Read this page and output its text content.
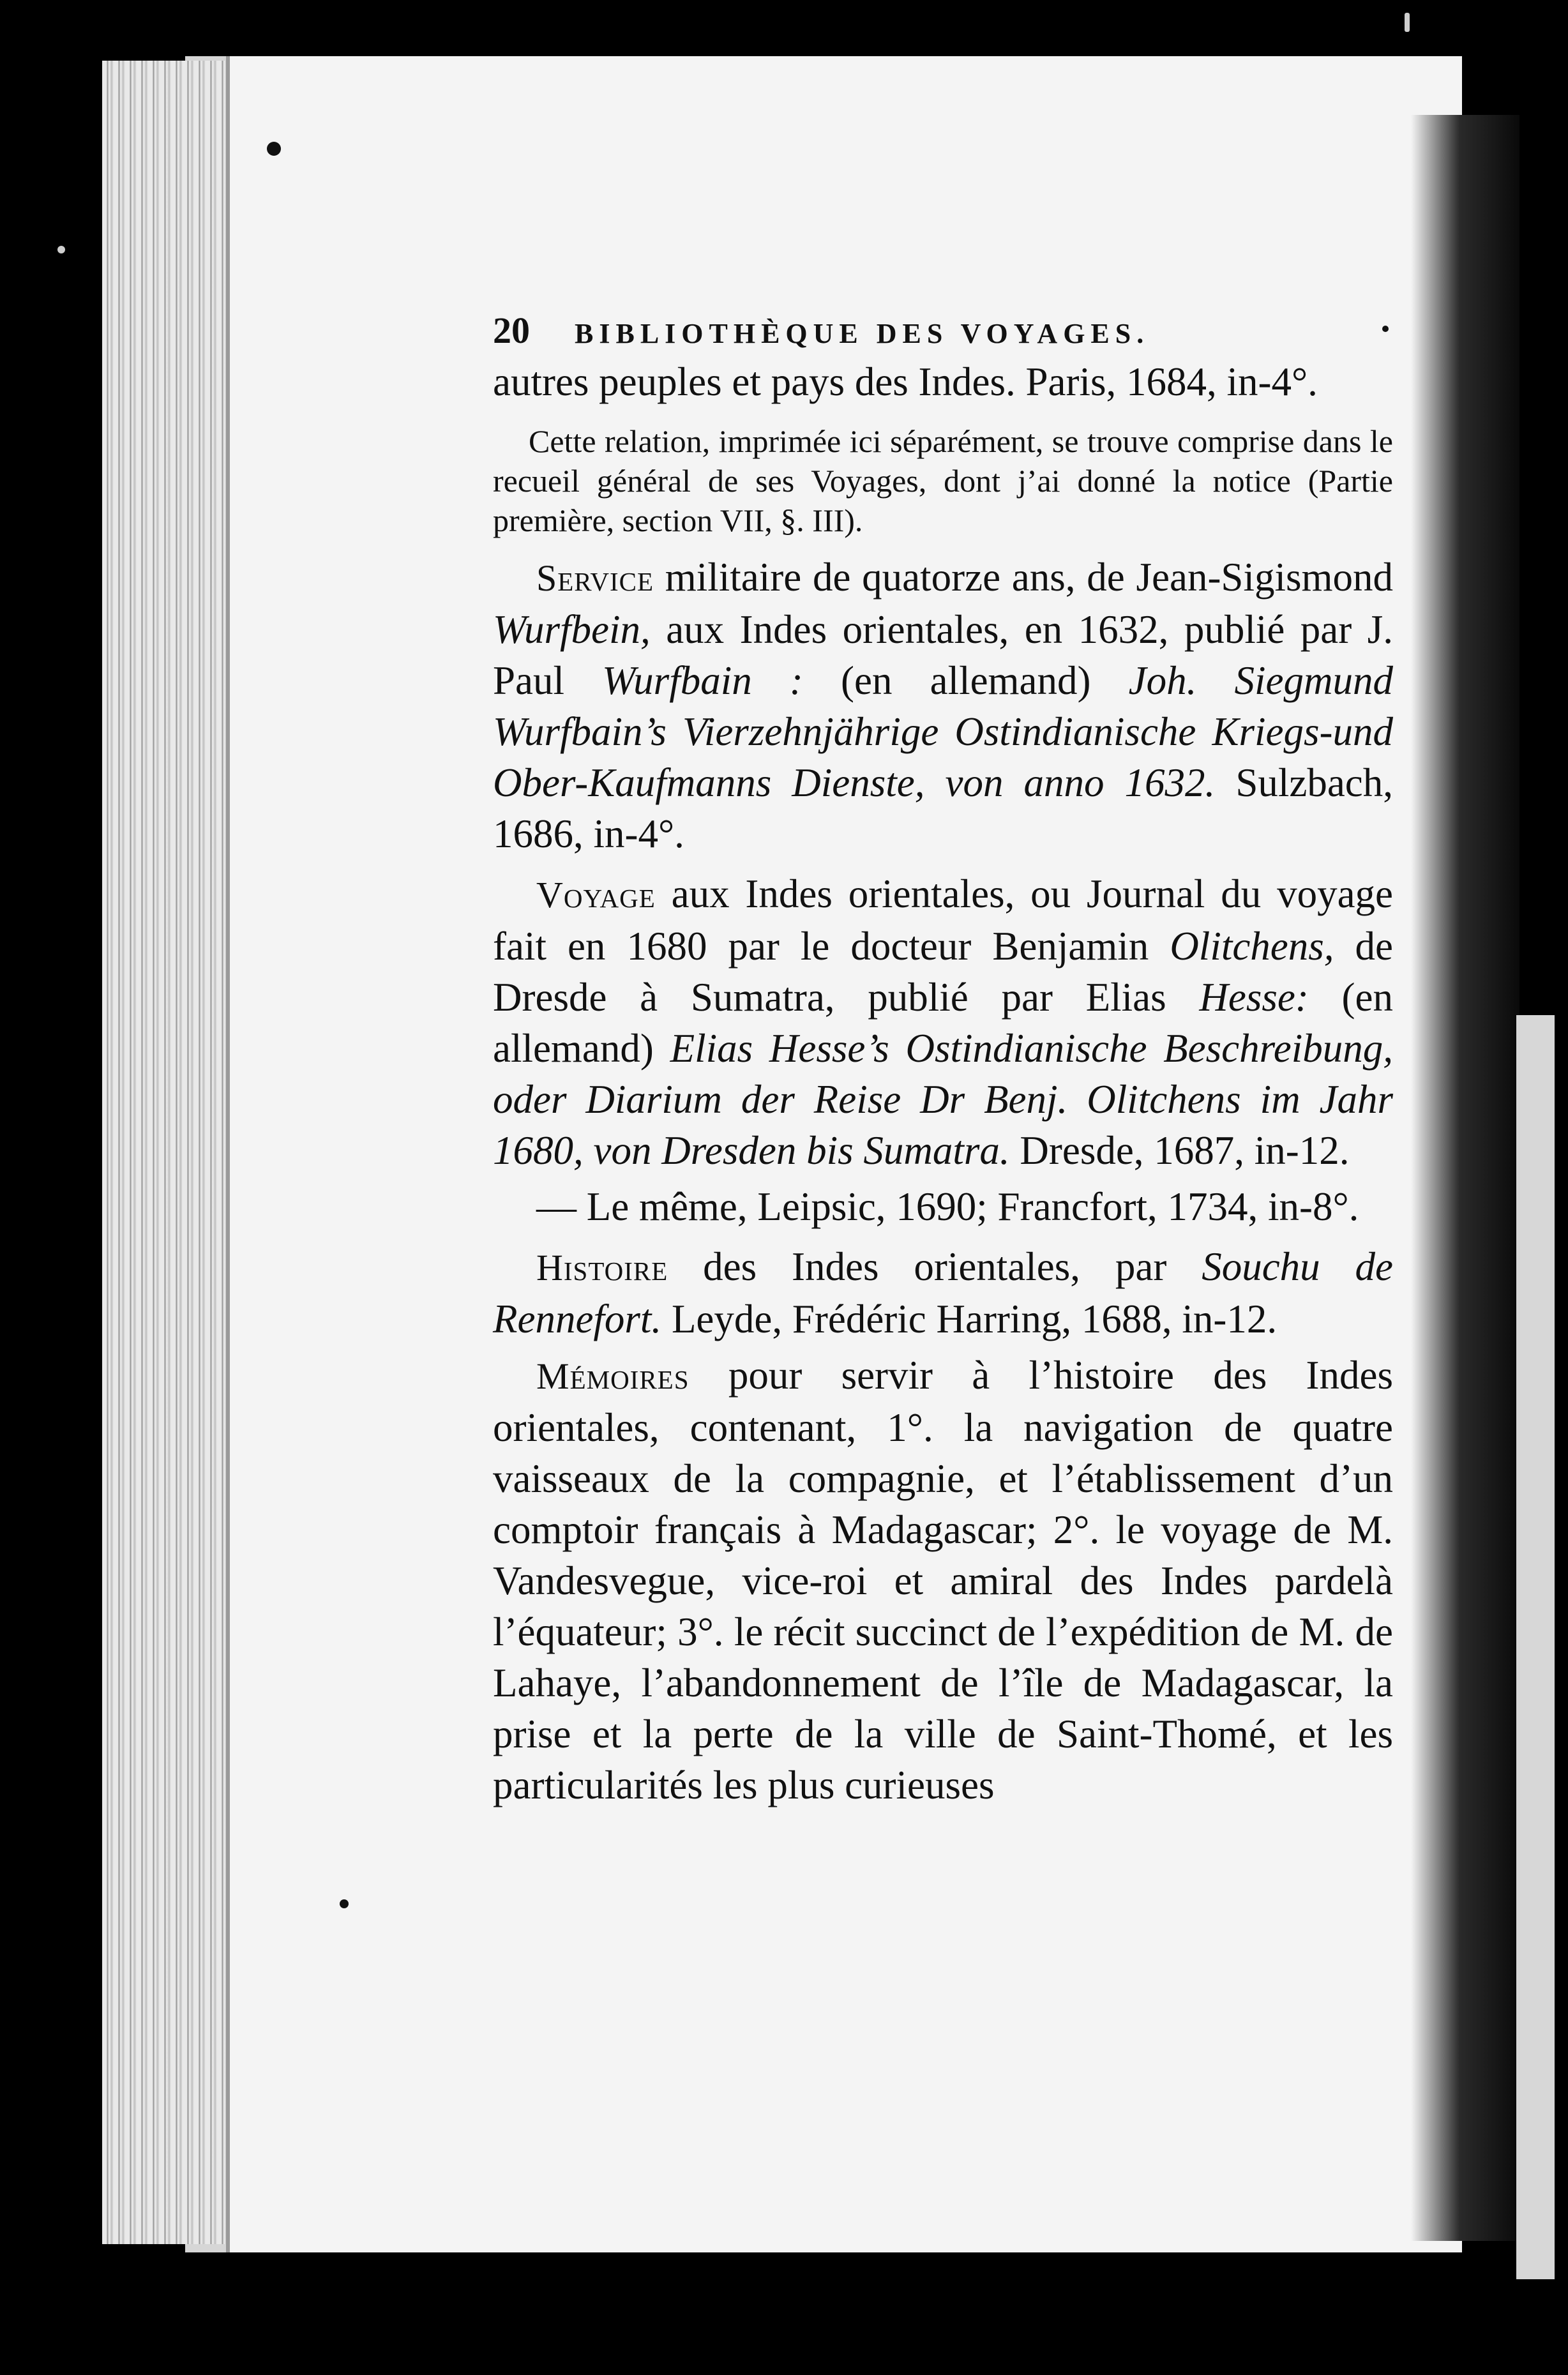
20 BIBLIOTHÈQUE DES VOYAGES.
autres peuples et pays des Indes. Paris, 1684, in-4°.
Cette relation, imprimée ici séparément, se trouve comprise dans le recueil général de ses Voyages, dont j’ai donné la notice (Partie première, section VII, §. III).
Service militaire de quatorze ans, de Jean-Sigismond Wurfbein, aux Indes orientales, en 1632, publié par J. Paul Wurfbain : (en allemand) Joh. Siegmund Wurfbain’s Vierzehnjährige Ostindianische Kriegs-und Ober-Kaufmanns Dienste, von anno 1632. Sulzbach, 1686, in-4°.
Voyage aux Indes orientales, ou Journal du voyage fait en 1680 par le docteur Benjamin Olitchens, de Dresde à Sumatra, publié par Elias Hesse: (en allemand) Elias Hesse’s Ostindianische Beschreibung, oder Diarium der Reise Dr Benj. Olitchens im Jahr 1680, von Dresden bis Sumatra. Dresde, 1687, in-12.
— Le même, Leipsic, 1690; Francfort, 1734, in-8°.
Histoire des Indes orientales, par Souchu de Rennefort. Leyde, Frédéric Harring, 1688, in-12.
Mémoires pour servir à l’histoire des Indes orientales, contenant, 1°. la navigation de quatre vaisseaux de la compagnie, et l’établissement d’un comptoir français à Madagascar; 2°. le voyage de M. Vandesvegue, vice-roi et amiral des Indes pardelà l’équateur; 3°. le récit succinct de l’expédition de M. de Lahaye, l’abandonnement de l’île de Madagascar, la prise et la perte de la ville de Saint-Thomé, et les particularités les plus curieuses
